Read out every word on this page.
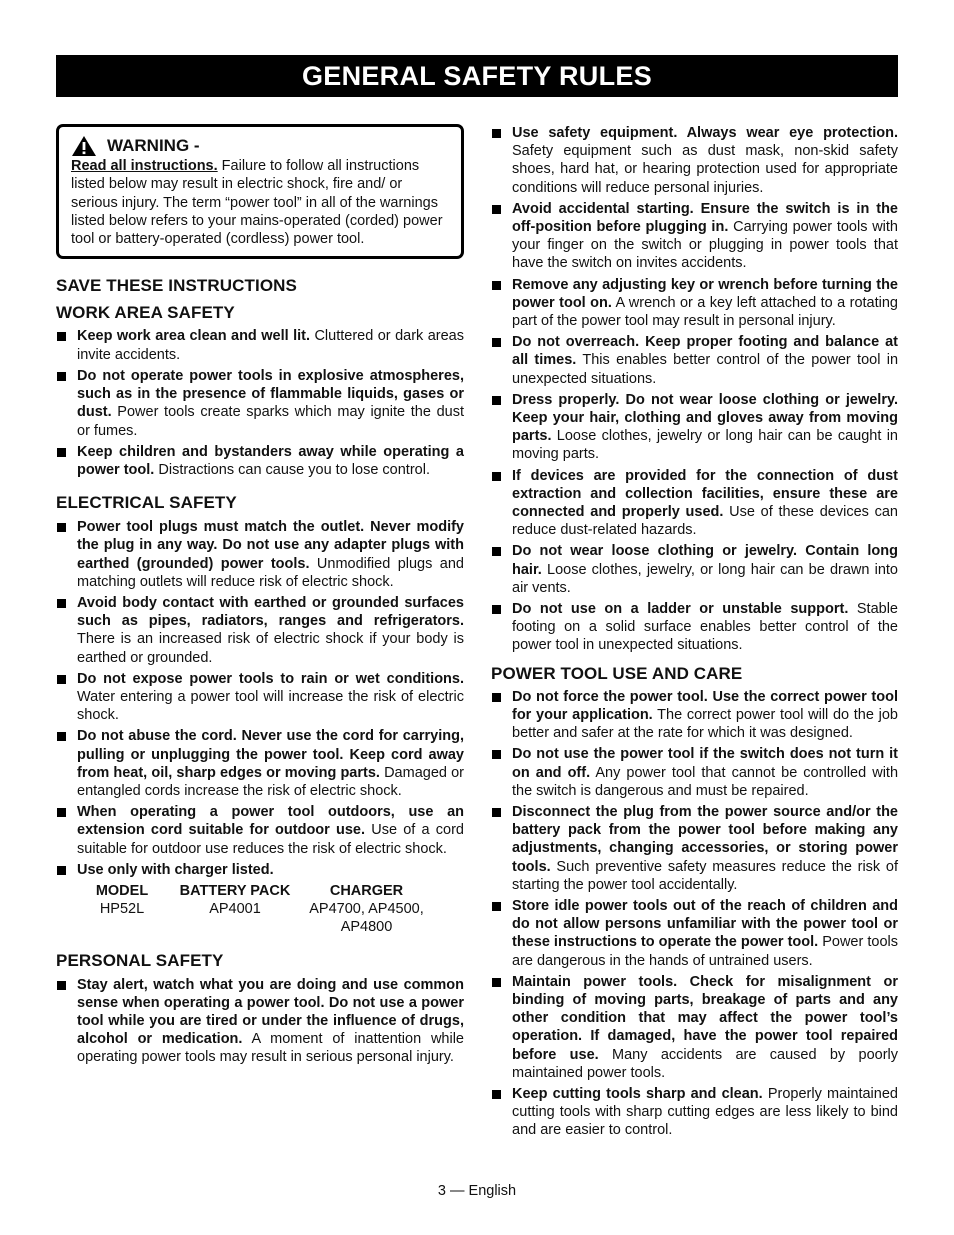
GENERAL SAFETY RULES
WARNING -
Read all instructions. Failure to follow all instructions listed below may result in electric shock, fire and/ or serious injury. The term “power tool” in all of the warnings listed below refers to your mains-operated (corded) power tool or battery-operated (cordless) power tool.
SAVE THESE INSTRUCTIONS
WORK AREA SAFETY
Keep work area clean and well lit. Cluttered or dark areas invite accidents.
Do not operate power tools in explosive atmospheres, such as in the presence of flammable liquids, gases or dust. Power tools create sparks which may ignite the dust or fumes.
Keep children and bystanders away while operating a power tool. Distractions can cause you to lose control.
ELECTRICAL SAFETY
Power tool plugs must match the outlet. Never modify the plug in any way. Do not use any adapter plugs with earthed (grounded) power tools. Unmodified plugs and matching outlets will reduce risk of electric shock.
Avoid body contact with earthed or grounded surfaces such as pipes, radiators, ranges and refrigerators. There is an increased risk of electric shock if your body is earthed or grounded.
Do not expose power tools to rain or wet conditions. Water entering a power tool will increase the risk of electric shock.
Do not abuse the cord. Never use the cord for carrying, pulling or unplugging the power tool. Keep cord away from heat, oil, sharp edges or moving parts. Damaged or entangled cords increase the risk of electric shock.
When operating a power tool outdoors, use an extension cord suitable for outdoor use. Use of a cord suitable for outdoor use reduces the risk of electric shock.
Use only with charger listed.
MODEL	BATTERY PACK	CHARGER
HP52L	AP4001	AP4700, AP4500, AP4800
PERSONAL SAFETY
Stay alert, watch what you are doing and use common sense when operating a power tool. Do not use a power tool while you are tired or under the influence of drugs, alcohol or medication. A moment of inattention while operating power tools may result in serious personal injury.
Use safety equipment. Always wear eye protection. Safety equipment such as dust mask, non-skid safety shoes, hard hat, or hearing protection used for appropriate conditions will reduce personal injuries.
Avoid accidental starting. Ensure the switch is in the off-position before plugging in. Carrying power tools with your finger on the switch or plugging in power tools that have the switch on invites accidents.
Remove any adjusting key or wrench before turning the power tool on. A wrench or a key left attached to a rotating part of the power tool may result in personal injury.
Do not overreach. Keep proper footing and balance at all times. This enables better control of the power tool in unexpected situations.
Dress properly. Do not wear loose clothing or jewelry. Keep your hair, clothing and gloves away from moving parts. Loose clothes, jewelry or long hair can be caught in moving parts.
If devices are provided for the connection of dust extraction and collection facilities, ensure these are connected and properly used. Use of these devices can reduce dust-related hazards.
Do not wear loose clothing or jewelry. Contain long hair. Loose clothes, jewelry, or long hair can be drawn into air vents.
Do not use on a ladder or unstable support. Stable footing on a solid surface enables better control of the power tool in unexpected situations.
POWER TOOL USE AND CARE
Do not force the power tool. Use the correct power tool for your application. The correct power tool will do the job better and safer at the rate for which it was designed.
Do not use the power tool if the switch does not turn it on and off. Any power tool that cannot be controlled with the switch is dangerous and must be repaired.
Disconnect the plug from the power source and/or the battery pack from the power tool before making any adjustments, changing accessories, or storing power tools. Such preventive safety measures reduce the risk of starting the power tool accidentally.
Store idle power tools out of the reach of children and do not allow persons unfamiliar with the power tool or these instructions to operate the power tool. Power tools are dangerous in the hands of untrained users.
Maintain power tools. Check for misalignment or binding of moving parts, breakage of parts and any other condition that may affect the power tool’s operation. If damaged, have the power tool repaired before use. Many accidents are caused by poorly maintained power tools.
Keep cutting tools sharp and clean. Properly maintained cutting tools with sharp cutting edges are less likely to bind and are easier to control.
3 — English
